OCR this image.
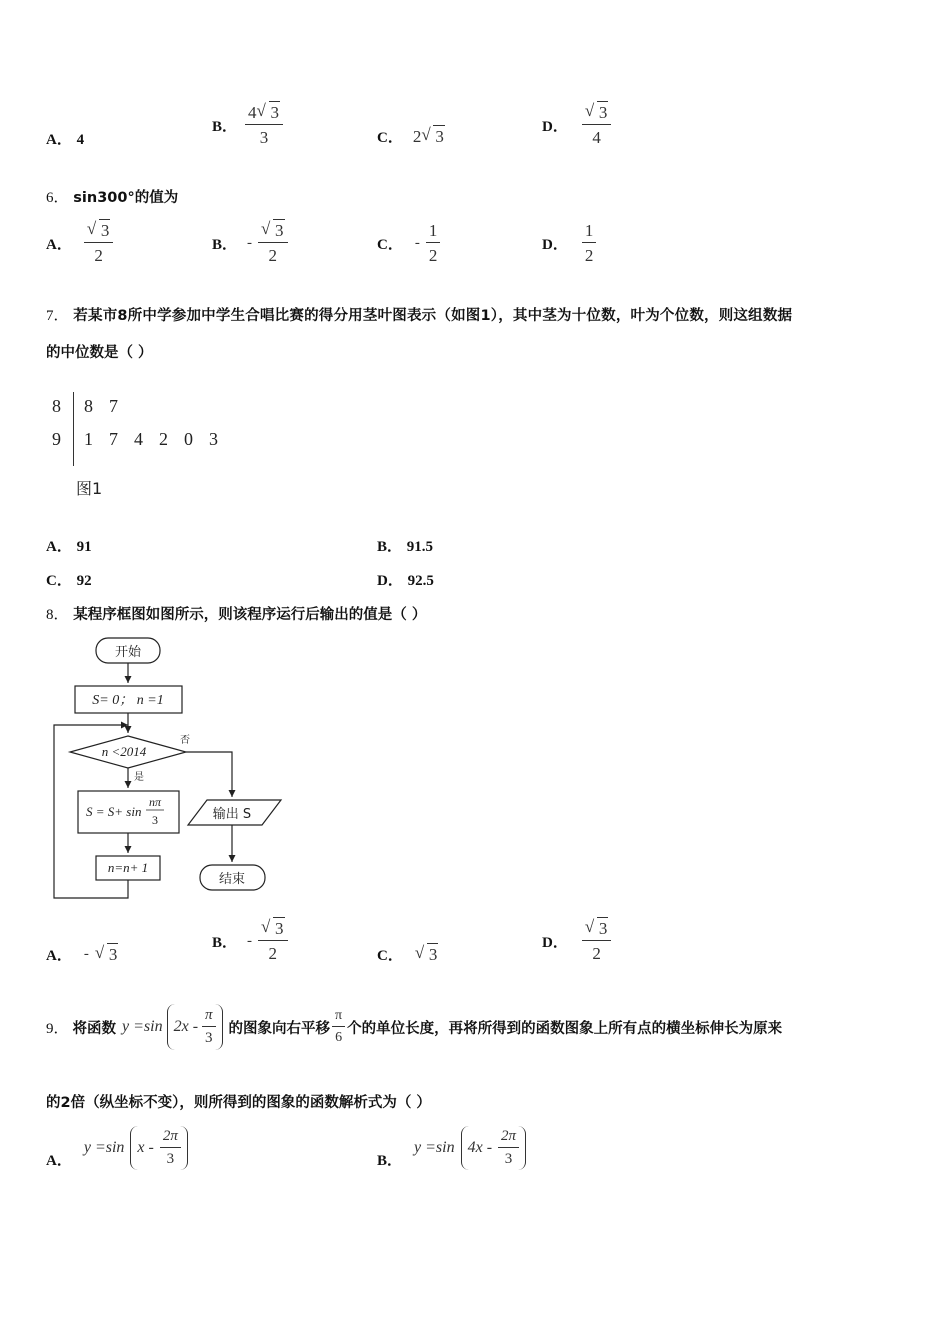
A． 4
B． $\frac{4 √ 3}{3}$	C． 2 √ 3	D． √ $\frac{3}{4}$
6． sin300°的值为
A． √ $\frac{3}{2}$	B． - √ $\frac{3}{2}$	C． - $\frac{1}{2}$	D． $\frac{1}{2}$
7． 若某市8所中学参加中学生合唱比赛的得分用茎叶图表示（如图1），其中茎为十位数，叶为个位数，则这组数据
的中位数是（ ）
8 8 7
9 1 7 4 2 0 3
图1
A． 91	B． 91.5
C． 92	D． 92.5
8． 某程序框图如图所示，则该程序运行后输出的值是（ ）
开始
S= 0； n =1
n <2014
否
是
S = S+ sin
nπ
3
n=n+ 1
输出 S
结束
A． -	√ 3
B． - √ $\frac{3}{2}$	C．	√ 3
D． √ $\frac{3}{2}$
9． 将函数 y =sin $2x - \frac{\pi}{3}$ 的图象向右平移 $\frac{\pi}{6}$ 个的单位长度，再将所得到的函数图象上所有点的横坐标伸长为原来
的2倍（纵坐标不变），则所得到的图象的函数解析式为（ ）
A．
y =sin x - $\frac{2\pi}{3}$	B．
y =sin $4x - \frac{2\pi}{3}$
